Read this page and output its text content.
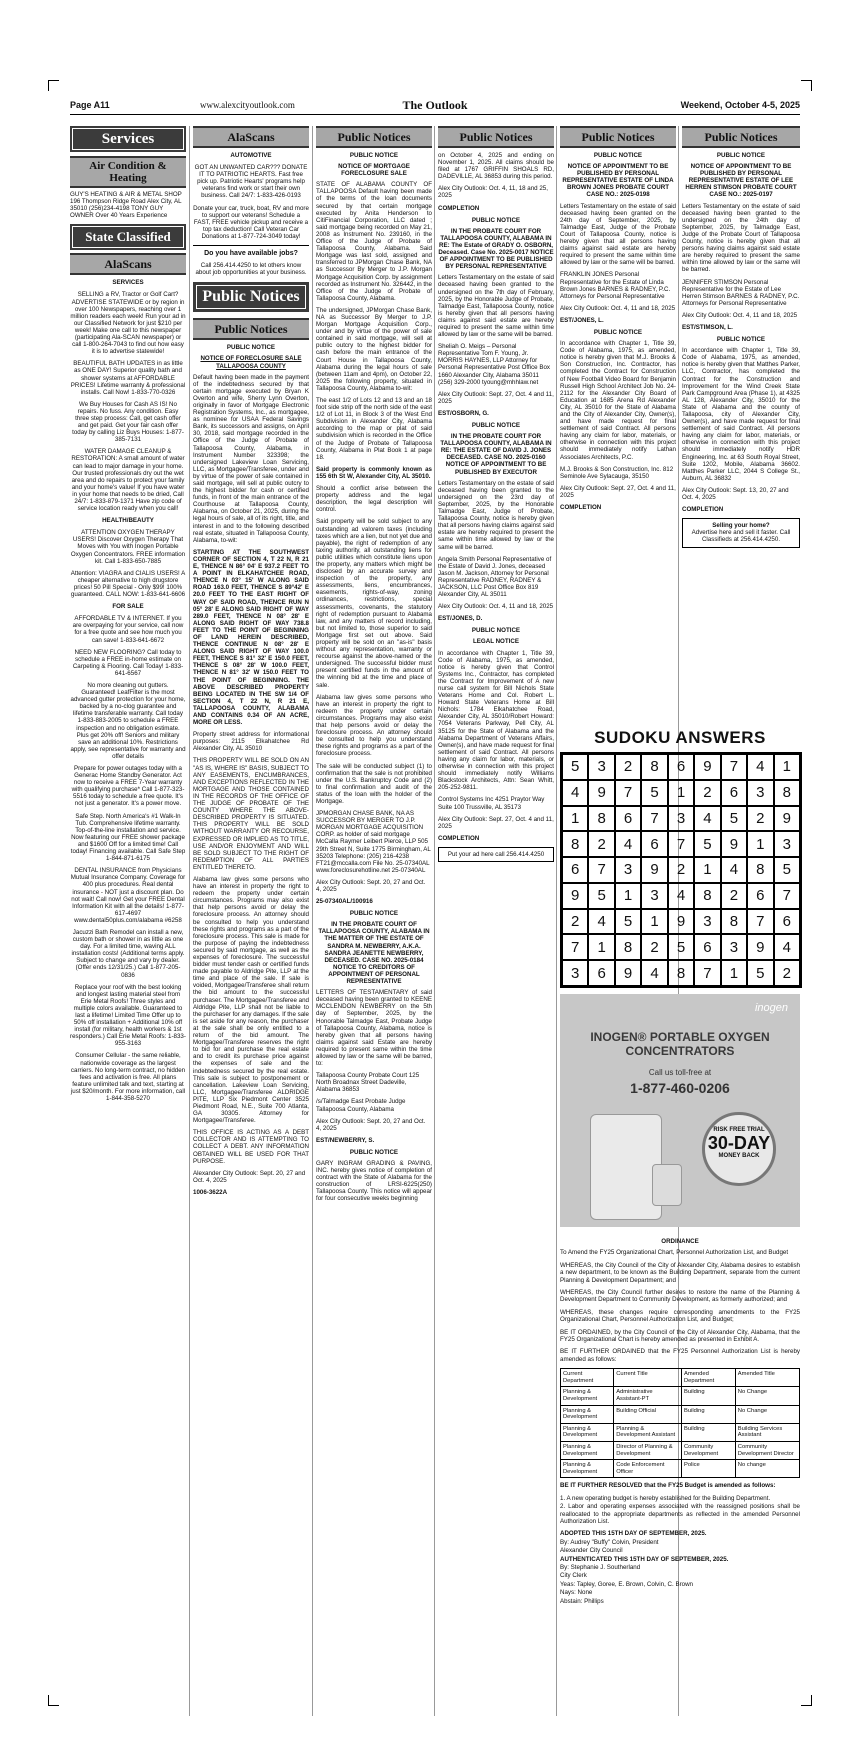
Page A11	www.alexcityoutlook.com	The Outlook	Weekend, October 4-5, 2025
Services
Air Condition & Heating

GUY'S HEATING & AIR & METAL SHOP 196 Thompson Ridge Road Alex City, AL 35010 (256)234-4198 TONY GUY OWNER Over 40 Years Experience

State Classified
AlaScans

SERVICES

SELLING a RV, Tractor or Golf Cart? ADVERTISE STATEWIDE or by region in over 100 Newspapers, reaching over 1 million readers each week! Run your ad in our Classified Network for just $210 per week! Make one call to this newspaper (participating Ala-SCAN newspaper) or call 1-800-264-7043 to find out how easy it is to advertise statewide!

BEAUTIFUL BATH UPDATES in as little as ONE DAY! Superior quality bath and shower systems at AFFORDABLE PRICES! Lifetime warranty & professional installs. Call Now! 1-833-770-0326

We Buy Houses for Cash AS IS! No repairs. No fuss. Any condition. Easy three step process: Call, get cash offer and get paid. Get your fair cash offer today by calling Liz Buys Houses: 1-877-385-7131

WATER DAMAGE CLEANUP & RESTORATION: A small amount of water can lead to major damage in your home. Our trusted professionals dry out the wet area and do repairs to protect your family and your home's value! If you have water in your home that needs to be dried, Call 24/7: 1-833-879-1371 Have zip code of service location ready when you call!

HEALTH/BEAUTY

ATTENTION OXYGEN THERAPY USERS! Discover Oxygen Therapy That Moves with You with Inogen Portable Oxygen Concentrators. FREE information kit. Call 1-833-650-7885

Attention: VIAGRA and CIALIS USERS! A cheaper alternative to high drugstore prices! 50 Pill Special - Only $99! 100% guaranteed. CALL NOW: 1-833-641-6606

FOR SALE

AFFORDABLE TV & INTERNET. If you are overpaying for your service, call now for a free quote and see how much you can save! 1-833-641-6672

NEED NEW FLOORING? Call today to schedule a FREE in-home estimate on Carpeting & Flooring. Call Today! 1-833-641-6567

No more cleaning out gutters. Guaranteed! LeafFilter is the most advanced gutter protection for your home, backed by a no-clog guarantee and lifetime transferable warranty. Call today 1-833-883-2005 to schedule a FREE inspection and no obligation estimate. Plus get 20% off! Seniors and military save an additional 10%. Restrictions apply, see representative for warranty and offer details

Prepare for power outages today with a Generac Home Standby Generator. Act now to receive a FREE 7-Year warranty with qualifying purchase* Call 1-877-323-5516 today to schedule a free quote. It's not just a generator. It's a power move.

Safe Step. North America's #1 Walk-In Tub. Comprehensive lifetime warranty. Top-of-the-line installation and service. Now featuring our FREE shower package and $1600 Off for a limited time! Call today! Financing available. Call Safe Step 1-844-871-6175

DENTAL INSURANCE from Physicians Mutual Insurance Company. Coverage for 400 plus procedures. Real dental insurance - NOT just a discount plan. Do not wait! Call now! Get your FREE Dental Information Kit with all the details! 1-877-617-4697 www.dental50plus.com/alabama #6258

Jacuzzi Bath Remodel can install a new, custom bath or shower in as little as one day. For a limited time, waving ALL installation costs! (Additional terms apply. Subject to change and vary by dealer. (Offer ends 12/31/25.) Call 1-877-205-0836

Replace your roof with the best looking and longest lasting material steel from Erie Metal Roofs! Three styles and multiple colors available. Guaranteed to last a lifetime! Limited Time Offer up to 50% off installation + Additional 10% off install (for military, health workers & 1st responders.) Call Erie Metal Roofs: 1-833-955-3163

Consumer Cellular - the same reliable, nationwide coverage as the largest carriers. No long-term contract, no hidden fees and activation is free. All plans feature unlimited talk and text, starting at just $20/month. For more information, call 1-844-358-5270

AlaScans

AUTOMOTIVE

GOT AN UNWANTED CAR??? DONATE IT TO PATRIOTIC HEARTS. Fast free pick up. Patriotic Hearts' programs help veterans find work or start their own business. Call 24/7: 1-833-426-0193

Donate your car, truck, boat, RV and more to support our veterans! Schedule a FAST, FREE vehicle pickup and receive a top tax deduction! Call Veteran Car Donations at 1-877-724-3049 today!

Do you have available jobs?

Call 256.414.4250 to let others know about job opportunities at your business.

Public Notices
Public Notices

PUBLIC NOTICE

NOTICE OF FORECLOSURE SALE TALLAPOOSA COUNTY

Default having been made in the payment of the indebtedness secured by that certain mortgage executed by Bryan K Overton and wife, Sherry Lynn Overton, originally in favor of Mortgage Electronic Registration Systems, Inc., as mortgagee, as nominee for USAA Federal Savings Bank, its successors and assigns, on April 30, 2018, said mortgage recorded in the Office of the Judge of Probate of Tallapoosa County, Alabama, in Instrument Number 323398; the undersigned Lakeview Loan Servicing, LLC, as Mortgagee/Transferee, under and by virtue of the power of sale contained in said mortgage, will sell at public outcry to the highest bidder for cash or certified funds, in front of the main entrance of the Courthouse at Tallapoosa County, Alabama, on October 21, 2025, during the legal hours of sale, all of its right, title, and interest in and to the following described real estate, situated in Tallapoosa County, Alabama, to-wit:

STARTING AT THE SOUTHWEST CORNER OF SECTION 4, T 22 N, R 21 E, THENCE N 86° 04' E 937.2 FEET TO A POINT IN ELKAHATCHEE ROAD, THENCE N 03° 15' W ALONG SAID ROAD 163.0 FEET, THENCE S 89°42' E 20.0 FEET TO THE EAST RIGHT OF WAY OF SAID ROAD, THENCE RUN N 05° 28' E ALONG SAID RIGHT OF WAY 289.0 FEET, THENCE N 08° 28' E ALONG SAID RIGHT OF WAY 738.8 FEET TO THE POINT OF BEGINNING OF LAND HEREIN DESCRIBED, THENCE CONTINUE N 08° 28' E ALONG SAID RIGHT OF WAY 100.0 FEET, THENCE S 81° 32' E 150.0 FEET, THENCE S 08° 28' W 100.0 FEET, THENCE N 81° 32' W 150.0 FEET TO THE POINT OF BEGINNING. THE ABOVE DESCRIBED PROPERTY BEING LOCATED IN THE SW 1/4 OF SECTION 4, T 22 N, R 21 E, TALLAPOOSA COUNTY, ALABAMA AND CONTAINS 0.34 OF AN ACRE, MORE OR LESS.

Property street address for informational purposes: 2115 Elkahatchee Rd Alexander City, AL 35010

THIS PROPERTY WILL BE SOLD ON AN "AS IS, WHERE IS" BASIS, SUBJECT TO ANY EASEMENTS, ENCUMBRANCES, AND EXCEPTIONS REFLECTED IN THE MORTGAGE AND THOSE CONTAINED IN THE RECORDS OF THE OFFICE OF THE JUDGE OF PROBATE OF THE COUNTY WHERE THE ABOVE-DESCRIBED PROPERTY IS SITUATED. THIS PROPERTY WILL BE SOLD WITHOUT WARRANTY OR RECOURSE, EXPRESSED OR IMPLIED AS TO TITLE, USE AND/OR ENJOYMENT AND WILL BE SOLD SUBJECT TO THE RIGHT OF REDEMPTION OF ALL PARTIES ENTITLED THERETO.

Alabama law gives some persons who have an interest in property the right to redeem the property under certain circumstances. Programs may also exist that help persons avoid or delay the foreclosure process. An attorney should be consulted to help you understand these rights and programs as a part of the foreclosure process. This sale is made for the purpose of paying the indebtedness secured by said mortgage, as well as the expenses of foreclosure. The successful bidder must tender cash or certified funds made payable to Aldridge Pite, LLP at the time and place of the sale. If sale is voided, Mortgagee/Transferee shall return the bid amount to the successful purchaser. The Mortgagee/Transferee and Aldridge Pite, LLP shall not be liable to the purchaser for any damages. If the sale is set aside for any reason, the purchaser at the sale shall be only entitled to a return of the bid amount. The Mortgagee/Transferee reserves the right to bid for and purchase the real estate and to credit its purchase price against the expenses of sale and the indebtedness secured by the real estate. This sale is subject to postponement or cancellation. Lakeview Loan Servicing, LLC, Mortgagee/Transferee ALDRIDGE PITE, LLP Six Piedmont Center 3525 Piedmont Road, N.E., Suite 700 Atlanta, GA 30305. Attorney for Mortgagee/Transferee.

THIS OFFICE IS ACTING AS A DEBT COLLECTOR AND IS ATTEMPTING TO COLLECT A DEBT. ANY INFORMATION OBTAINED WILL BE USED FOR THAT PURPOSE.

Alexander City Outlook: Sept. 20, 27 and Oct. 4, 2025

1006-3622A

Public Notices

PUBLIC NOTICE

NOTICE OF MORTGAGE FORECLOSURE SALE

STATE OF ALABAMA COUNTY OF TALLAPOOSA Default having been made of the terms of the loan documents secured by that certain mortgage executed by Anita Henderson to CitiFinancial Corporation, LLC dated ; said mortgage being recorded on May 21, 2008 as Instrument No. 239160, in the Office of the Judge of Probate of Tallapoosa County, Alabama. Said Mortgage was last sold, assigned and transferred to JPMorgan Chase Bank, NA as Successor By Merger to J.P. Morgan Mortgage Acquisition Corp. by assignment recorded as Instrument No. 326442, in the Office of the Judge of Probate of Tallapoosa County, Alabama.

The undersigned, JPMorgan Chase Bank, NA as Successor By Merger to J.P. Morgan Mortgage Acquisition Corp., under and by virtue of the power of sale contained in said mortgage, will sell at public outcry to the highest bidder for cash before the main entrance of the Court House in Tallapoosa County, Alabama during the legal hours of sale (between 11am and 4pm), on October 22, 2025 the following property, situated in Tallapoosa County, Alabama to-wit:

The east 1/2 of Lots 12 and 13 and an 18 foot side strip off the north side of the east 1/2 of Lot 11, in Block 3 of the West End Subdivision in Alexander City, Alabama according to the map or plat of said subdivision which is recorded in the Office of the Judge of Probate of Tallapoosa County, Alabama in Plat Book 1 at page 18.

Said property is commonly known as 155 6th St W, Alexander City, AL 35010.

Should a conflict arise between the property address and the legal description, the legal description will control.

Said property will be sold subject to any outstanding ad valorem taxes (including taxes which are a lien, but not yet due and payable), the right of redemption of any taxing authority, all outstanding liens for public utilities which constitute liens upon the property, any matters which might be disclosed by an accurate survey and inspection of the property, any assessments, liens, encumbrances, easements, rights-of-way, zoning ordinances, restrictions, special assessments, covenants, the statutory right of redemption pursuant to Alabama law, and any matters of record including, but not limited to, those superior to said Mortgage first set out above. Said property will be sold on an "as-is" basis without any representation, warranty or recourse against the above-named or the undersigned. The successful bidder must present certified funds in the amount of the winning bid at the time and place of sale.

Alabama law gives some persons who have an interest in property the right to redeem the property under certain circumstances. Programs may also exist that help persons avoid or delay the foreclosure process. An attorney should be consulted to help you understand these rights and programs as a part of the foreclosure process.

The sale will be conducted subject (1) to confirmation that the sale is not prohibited under the U.S. Bankruptcy Code and (2) to final confirmation and audit of the status of the loan with the holder of the Mortgage.

JPMORGAN CHASE BANK, NA AS SUCCESSOR BY MERGER TO J.P. MORGAN MORTGAGE ACQUISITION CORP. as holder of said mortgage McCalla Raymer Leibert Pierce, LLP 505 29th Street N, Suite 1775 Birmingham, AL 35203 Telephone: (205) 216-4238 FT21@mccalla.com File No. 25-07340AL www.foreclosurehotline.net 25-07340AL

Alex City Outlook: Sept. 20, 27 and Oct. 4, 2025

25-07340AL/100916

PUBLIC NOTICE

IN THE PROBATE COURT OF TALLAPOOSA COUNTY, ALABAMA IN THE MATTER OF THE ESTATE OF SANDRA M. NEWBERRY, A.K.A. SANDRA JEANETTE NEWBERRY, DECEASED. CASE NO. 2025-0184 NOTICE TO CREDITORS OF APPOINTMENT OF PERSONAL REPRESENTATIVE

LETTERS OF TESTAMENTARY of said deceased having been granted to KEENE MCCLENDON NEWBERRY on the 5th day of September, 2025, by the Honorable Talmadge East, Probate Judge of Tallapoosa County, Alabama, notice is hereby given that all persons having claims against said Estate are hereby required to present same within the time allowed by law or the same will be barred, to:

Tallapoosa County Probate Court 125 North Broadnax Street Dadeville, Alabama 36853

/s/Talmadge East Probate Judge Tallapoosa County, Alabama

Alex City Outlook: Sept. 20, 27 and Oct. 4, 2025

EST/NEWBERRY, S.

PUBLIC NOTICE

GARY INGRAM GRADING & PAVING, INC. hereby gives notice of completion of contract with the State of Alabama for the construction of LRSI-6225(250) Tallapoosa County. This notice will appear for four consecutive weeks beginning

Public Notices

on October 4, 2025 and ending on November 1, 2025. All claims should be filed at 1767 GRIFFIN SHOALS RD, DADEVILLE, AL 36853 during this period.

Alex City Outlook: Oct. 4, 11, 18 and 25, 2025

COMPLETION

PUBLIC NOTICE

IN THE PROBATE COURT FOR TALLAPOOSA COUNTY, ALABAMA IN RE: The Estate of GRADY O. OSBORN, Deceased. Case No. 2025-0017 NOTICE OF APPOINTMENT TO BE PUBLISHED BY PERSONAL REPRESENTATIVE

Letters Testamentary on the estate of said deceased having been granted to the undersigned on the 7th day of February, 2025, by the Honorable Judge of Probate, Talmadge East, Tallapoosa County, notice is hereby given that all persons having claims against said estate are hereby required to present the same within time allowed by law or the same will be barred.

Sheliah O. Meigs – Personal Representative Tom F. Young, Jr. MORRIS HAYNES, LLP Attorney for Personal Representative Post Office Box 1660 Alexander City, Alabama 35011 (256) 329-2000 tyoung@mhhlaw.net

Alex City Outlook: Sept. 27, Oct. 4 and 11, 2025

EST/OSBORN, G.

PUBLIC NOTICE

IN THE PROBATE COURT FOR TALLAPOOSA COUNTY, ALABAMA IN RE: THE ESTATE OF DAVID J. JONES DECEASED. CASE NO. 2025-0160 NOTICE OF APPOINTMENT TO BE PUBLISHED BY EXECUTOR

Letters Testamentary on the estate of said deceased having been granted to the undersigned on the 23rd day of September, 2025, by the Honorable Talmadge East, Judge of Probate, Tallapoosa County, notice is hereby given that all persons having claims against said estate are hereby required to present the same within time allowed by law or the same will be barred.

Angela Smith Personal Representative of the Estate of David J. Jones, deceased Jason M. Jackson, Attorney for Personal Representative RADNEY, RADNEY & JACKSON, LLC Post Office Box 819 Alexander City, AL 35011

Alex City Outlook: Oct. 4, 11 and 18, 2025

EST/JONES, D.

PUBLIC NOTICE

LEGAL NOTICE

In accordance with Chapter 1, Title 39, Code of Alabama, 1975, as amended, notice is hereby given that Control Systems Inc., Contractor, has completed the Contract for Improvement of A new nurse call system for Bill Nichols State Veterans Home and Col. Robert L. Howard State Veterans Home at Bill Nichols: 1784 Elkahatchee Road, Alexander City, AL 35010/Robert Howard: 7054 Veterans Parkway, Pell City, AL 35125 for the State of Alabama and the Alabama Department of Veterans Affairs, Owner(s), and have made request for final settlement of said Contract. All persons having any claim for labor, materials, or otherwise in connection with this project should immediately notify Williams Blackstock Architects, Attn: Sean Whitt, 205-252-9811.

Control Systems Inc 4251 Praytor Way Suite 100 Trussville, AL 35173

Alex City Outlook: Sept. 27, Oct. 4 and 11, 2025

COMPLETION

Put your ad here call 256.414.4250
Public Notices

PUBLIC NOTICE

NOTICE OF APPOINTMENT TO BE PUBLISHED BY PERSONAL REPRESENTATIVE ESTATE OF LINDA BROWN JONES PROBATE COURT CASE NO.: 2025-0198

Letters Testamentary on the estate of said deceased having been granted on the 24th day of September, 2025, by Talmadge East, Judge of the Probate Court of Tallapoosa County, notice is hereby given that all persons having claims against said estate are hereby required to present the same within time allowed by law or the same will be barred.

FRANKLIN JONES Personal Representative for the Estate of Linda Brown Jones BARNES & RADNEY, P.C. Attorneys for Personal Representative

Alex City Outlook: Oct. 4, 11 and 18, 2025

EST/JONES, L.

PUBLIC NOTICE

In accordance with Chapter 1, Title 39, Code of Alabama, 1975, as amended, notice is hereby given that M.J. Brooks & Son Construction, Inc. Contractor, has completed the Contract for Construction of New Football Video Board for Benjamin Russell High School Architect Job No. 24-2112 for the Alexander City Board of Education at 1685 Arena Rd Alexander City, AL 35010 for the State of Alabama and the City of Alexander City, Owner(s), and have made request for final settlement of said Contract. All persons having any claim for labor, materials, or otherwise in connection with this project should immediately notify Lathan Associates Architects, P.C.

M.J. Brooks & Son Construction, Inc. 812 Seminole Ave Sylacauga, 35150

Alex City Outlook: Sept. 27, Oct. 4 and 11, 2025

COMPLETION

Public Notices

PUBLIC NOTICE

NOTICE OF APPOINTMENT TO BE PUBLISHED BY PERSONAL REPRESENTATIVE ESTATE OF LEE HERREN STIMSON PROBATE COURT CASE NO.: 2025-0197

Letters Testamentary on the estate of said deceased having been granted to the undersigned on the 24th day of September, 2025, by Talmadge East, Judge of the Probate Court of Tallapoosa County, notice is hereby given that all persons having claims against said estate are hereby required to present the same within time allowed by law or the same will be barred.

JENNIFER STIMSON Personal Representative for the Estate of Lee Herren Stimson BARNES & RADNEY, P.C. Attorneys for Personal Representative

Alex City Outlook: Oct. 4, 11 and 18, 2025

EST/STIMSON, L.

PUBLIC NOTICE

In accordance with Chapter 1, Title 39, Code of Alabama, 1975, as amended, notice is hereby given that Matthes Parker, LLC, Contractor, has completed the Contract for the Construction and Improvement for the Wind Creek State Park Campground Area (Phase 1), at 4325 AL 128, Alexander City, 35010 for the State of Alabama and the county of Tallapoosa, city of Alexander City, Owner(s), and have made request for final settlement of said Contract. All persons having any claim for labor, materials, or otherwise in connection with this project should immediately notify HDR Engineering, Inc. at 63 South Royal Street, Suite 1202, Mobile, Alabama 36602. Matthes Parker LLC, 2044 S College St., Auburn, AL 36832

Alex City Outlook: Sept. 13, 20, 27 and Oct. 4, 2025

COMPLETION

Selling your home?
Advertise here and sell it faster. Call Classifieds at 256.414.4250.
SUDOKU ANSWERS
5	3	2	8	6	9	7	4	1
4	9	7	5	1	2	6	3	8
1	8	6	7	3	4	5	2	9
8	2	4	6	7	5	9	1	3
6	7	3	9	2	1	4	8	5
9	5	1	3	4	8	2	6	7
2	4	5	1	9	3	8	7	6
7	1	8	2	5	6	3	9	4
3	6	9	4	8	7	1	5	2
inogen
INOGEN® PORTABLE OXYGEN CONCENTRATORS
Call us toll-free at
1-877-460-0206
RISK FREE TRIAL
30-DAY
MONEY BACK
ORDINANCE

To Amend the FY25 Organizational Chart, Personnel Authorization List, and Budget

WHEREAS, the City Council of the City of Alexander City, Alabama desires to establish a new department, to be known as the Building Department, separate from the current Planning & Development Department; and

WHEREAS, the City Council further desires to restore the name of the Planning & Development Department to Community Development, as formerly authorized; and

WHEREAS, these changes require corresponding amendments to the FY25 Organizational Chart, Personnel Authorization List, and Budget;

BE IT ORDAINED, by the City Council of the City of Alexander City, Alabama, that the FY25 Organizational Chart is hereby amended as presented in Exhibit A.

BE IT FURTHER ORDAINED that the FY25 Personnel Authorization List is hereby amended as follows:

Current Department	Current Title	Amended Department	Amended Title
Planning & Development	Administrative Assistant-PT	Building	No Change
Planning & Development	Building Official	Building	No Change
Planning & Development	Planning & Development Assistant	Building	Building Services Assistant
Planning & Development	Director of Planning & Development	Community Development	Community Development Director
Planning & Development	Code Enforcement Officer	Police	No change

BE IT FURTHER RESOLVED that the FY25 Budget is amended as follows:

1. A new operating budget is hereby established for the Building Department.

2. Labor and operating expenses associated with the reassigned positions shall be reallocated to the appropriate departments as reflected in the amended Personnel Authorization List.

ADOPTED THIS 15TH DAY OF SEPTEMBER, 2025.

By: Audrey "Buffy" Colvin, President

Alexander City Council

AUTHENTICATED THIS 15TH DAY OF SEPTEMBER, 2025.

By: Stephanie J. Southerland

City Clerk

Yeas: Tapley, Goree, E. Brown, Colvin, C. Brown

Nays: None

Abstain: Phillips
